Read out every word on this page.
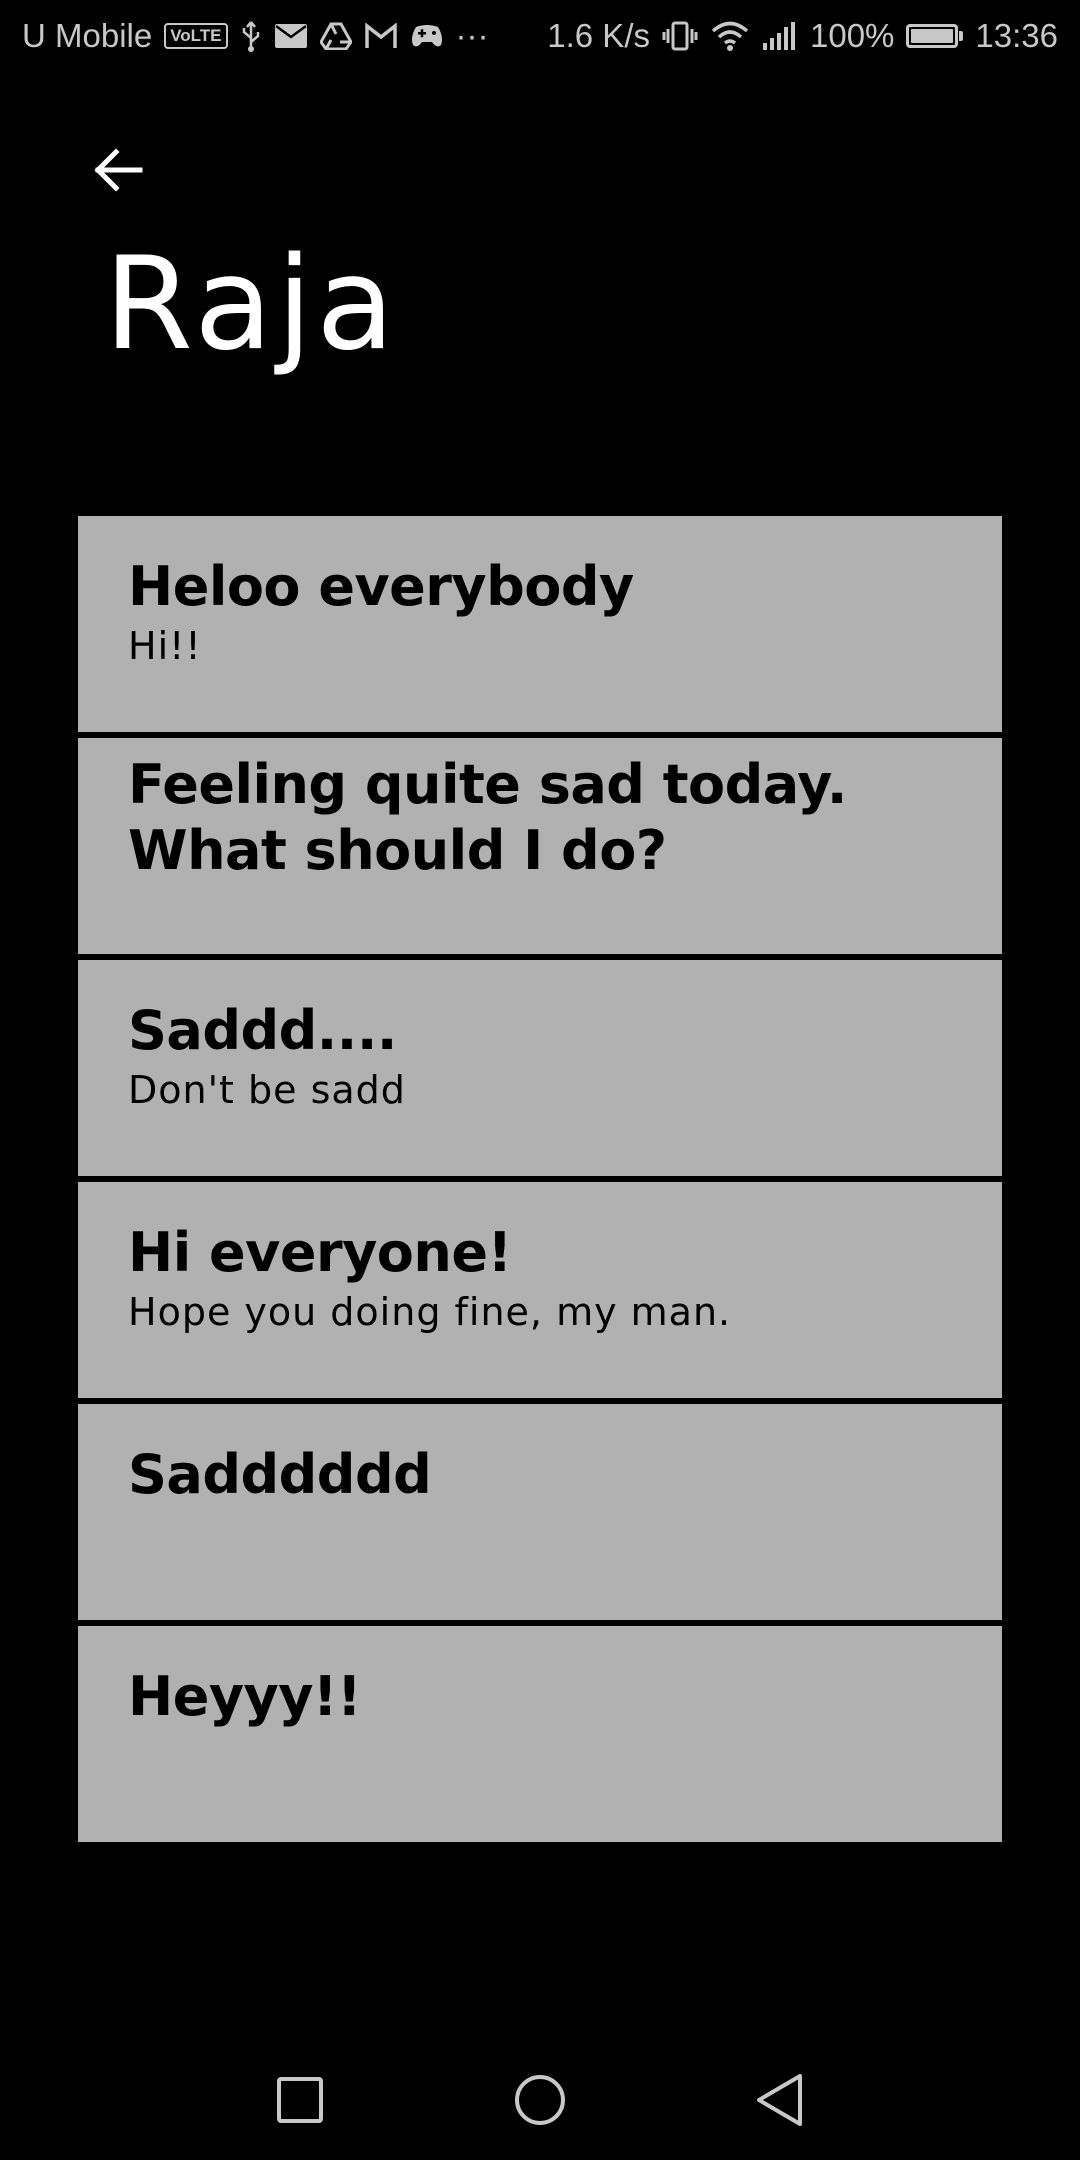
U Mobile	VoLTE	··· 1.6 K/s	100% 13:36
Raja

Heloo everybody

Hi!!

Feeling quite sad today. What should I do?

Saddd....

Don't be sadd

Hi everyone!

Hope you doing fine, my man.

Sadddddd

Heyyy!!
